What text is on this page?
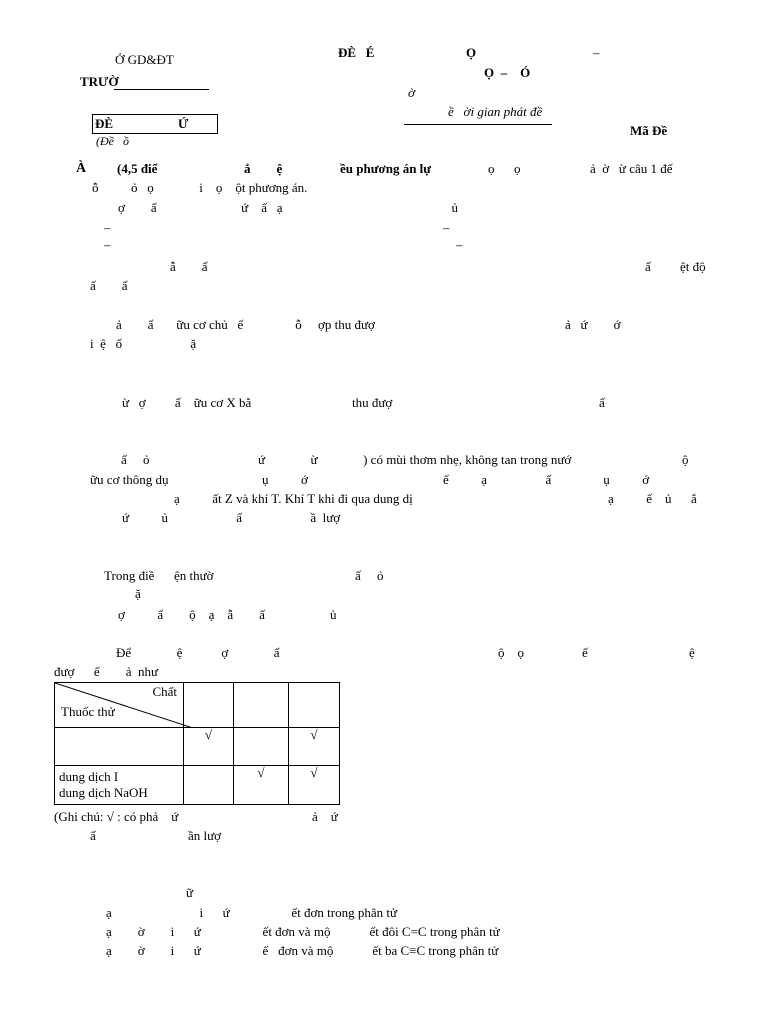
Ở GD&ĐT
TRƯỜ
ĐÈ   É	Ọ	–
Ọ  –    Ó
ờ
ề   ời gian phát đề
ĐÈ                    Ứ
(Đề   ồ
Mã Đề
À (4,5 điể	ắ        ệ	ều phương án lự	ọ      ọ	ả  ờ   ừ câu 1 đế
ỗ          ỏ   ọ              i    ọ    ột phương án.
ợ        ấ                          ứ    ấ   ạ                                                    ủ
–	–
–	–
ẫ        ấ	ấ         ệt độ
ấ        ấ
ả        ẩ       ữu cơ chủ   ế                ỗ     ợp thu đượ	ả   ứ        ớ
i  ệ   ố                     ặ
ừ   ợ         ấ    ữu cơ X bằ	thu đượ	ấ
ấ     ỏ	ứ              ừ              ) có mùi thơm nhẹ, không tan trong nướ	ộ
ữu cơ thông dụ	ụ          ớ	ế          ạ                  ấ                ụ          ớ
ạ          ất Z và khí T. Khí T khi đi qua dung dị	ạ          ế    ủ      ắ
ứ          ủ                     ấ                     ầ  lượ
Trong điề      ện thườ	ấ     ỏ
ặ
ợ          ấ        ộ    ạ    ẫ        ấ                    ủ
Để              ệ            ợ              ấ	ộ    ọ	ế	ệ
đượ      ế        ả  như
Chất
Thuốc thử			

	√		√

dung dịch I
dung dịch NaOH		√	√
(Ghi chú: √ : có phả    ứ	ả    ứ
ấ	ần lượ
ữ
ạ                           i      ứ                   ết đơn trong phân tử
ạ        ờ        i      ứ                   ết đơn và mộ            ết đôi C=C trong phân tử
ạ        ờ        i      ứ                   ế   đơn và mộ            ết ba C≡C trong phân tử
